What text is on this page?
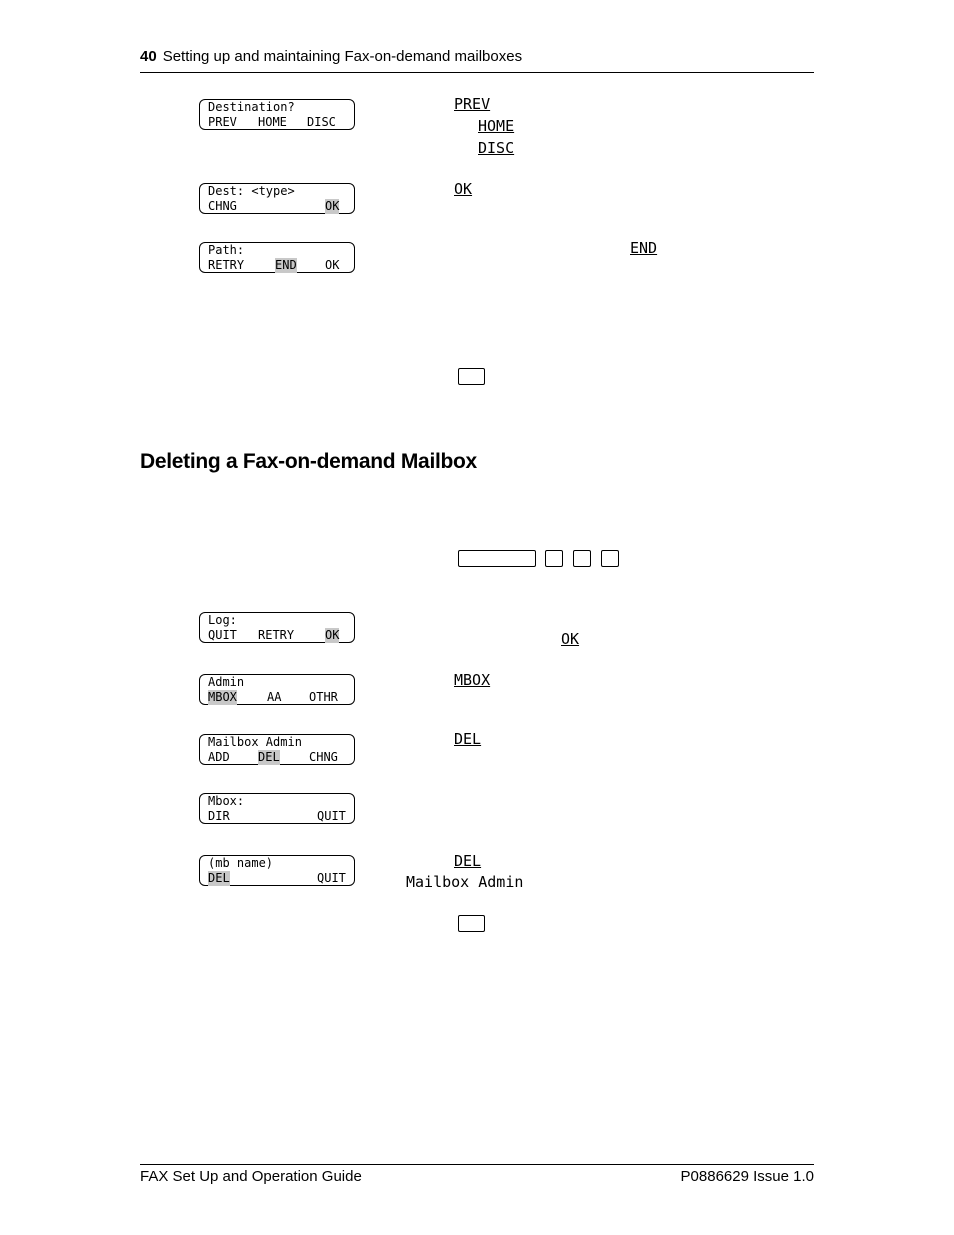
40 Setting up and maintaining Fax-on-demand mailboxes
Destination?

PREV

HOME

DISC

Dest: <type>

CHNG

	OK

Path:

RETRY

	END

OK

PREV
HOME
DISC
OK
END
Deleting a Fax-on-demand Mailbox
Log:

QUIT

RETRY

	OK

Admin

MBOX

	AA

OTHR

Mailbox Admin

ADD

DEL

CHNG

Mbox:

DIR

	QUIT

(mb name)

DEL

	QUIT

OK
MBOX
DEL
DEL
Mailbox Admin
FAX Set Up and Operation Guide	P0886629 Issue 1.0
